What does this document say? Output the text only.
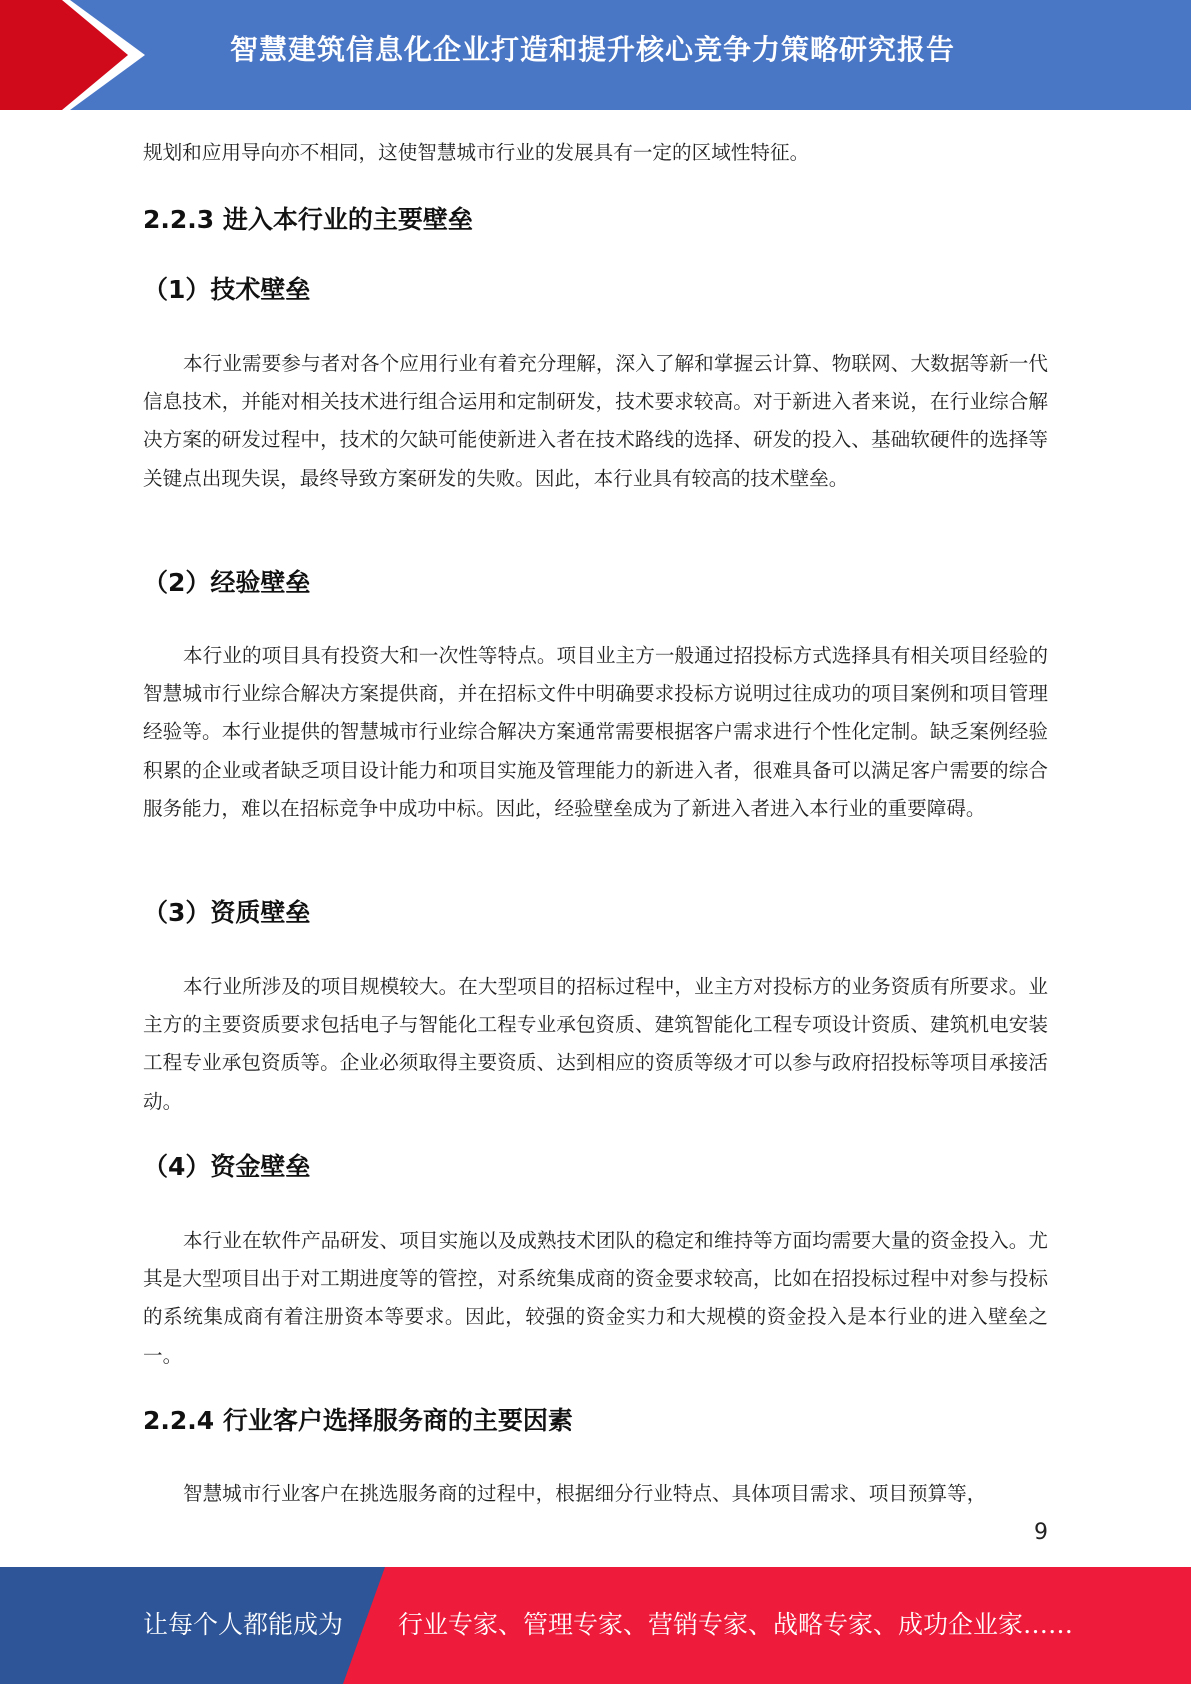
智慧建筑信息化企业打造和提升核心竞争力策略研究报告

规划和应用导向亦不相同，这使智慧城市行业的发展具有一定的区域性特征。

2.2.3 进入本行业的主要壁垒
（1）技术壁垒

本行业需要参与者对各个应用行业有着充分理解，深入了解和掌握云计算、物联网、大数据等新一代信息技术，并能对相关技术进行组合运用和定制研发，技术要求较高。对于新进入者来说，在行业综合解决方案的研发过程中，技术的欠缺可能使新进入者在技术路线的选择、研发的投入、基础软硬件的选择等关键点出现失误，最终导致方案研发的失败。因此，本行业具有较高的技术壁垒。

（2）经验壁垒

本行业的项目具有投资大和一次性等特点。项目业主方一般通过招投标方式选择具有相关项目经验的智慧城市行业综合解决方案提供商，并在招标文件中明确要求投标方说明过往成功的项目案例和项目管理经验等。本行业提供的智慧城市行业综合解决方案通常需要根据客户需求进行个性化定制。缺乏案例经验积累的企业或者缺乏项目设计能力和项目实施及管理能力的新进入者，很难具备可以满足客户需要的综合服务能力，难以在招标竞争中成功中标。因此，经验壁垒成为了新进入者进入本行业的重要障碍。

（3）资质壁垒

本行业所涉及的项目规模较大。在大型项目的招标过程中，业主方对投标方的业务资质有所要求。业主方的主要资质要求包括电子与智能化工程专业承包资质、建筑智能化工程专项设计资质、建筑机电安装工程专业承包资质等。企业必须取得主要资质、达到相应的资质等级才可以参与政府招投标等项目承接活动。

（4）资金壁垒

本行业在软件产品研发、项目实施以及成熟技术团队的稳定和维持等方面均需要大量的资金投入。尤其是大型项目出于对工期进度等的管控，对系统集成商的资金要求较高，比如在招投标过程中对参与投标的系统集成商有着注册资本等要求。因此，较强的资金实力和大规模的资金投入是本行业的进入壁垒之一。

2.2.4 行业客户选择服务商的主要因素

智慧城市行业客户在挑选服务商的过程中，根据细分行业特点、具体项目需求、项目预算等，

9
让每个人都能成为 行业专家、管理专家、营销专家、战略专家、成功企业家……
